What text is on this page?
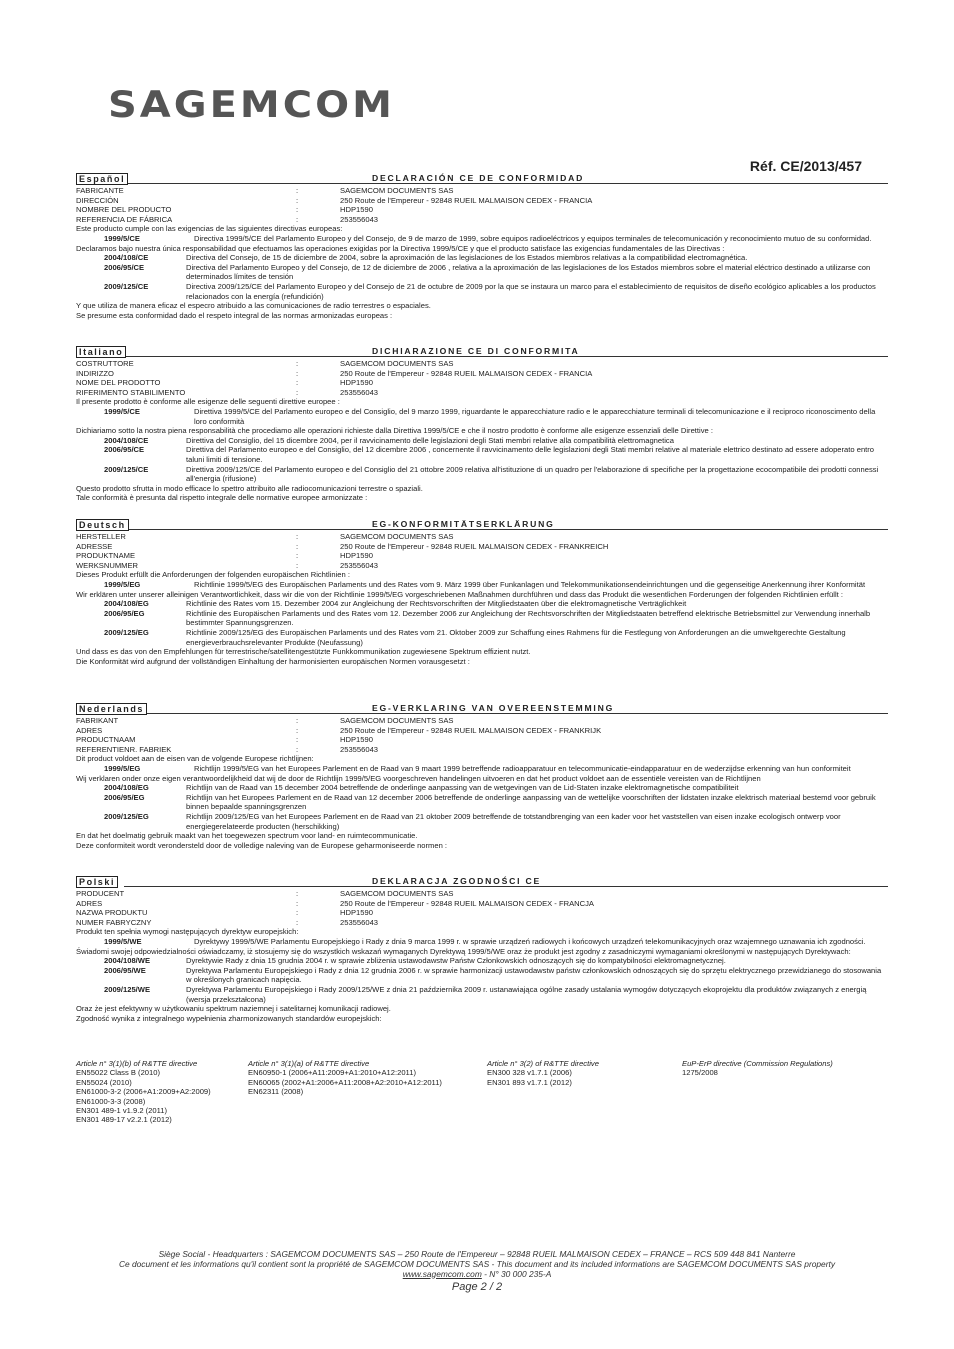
SAGEMCOM
Réf. CE/2013/457
Español	DECLARACIÓN CE DE CONFORMIDAD
FABRICANTE	:	SAGEMCOM DOCUMENTS SAS
DIRECCIÓN	:	250 Route de l'Empereur - 92848 RUEIL MALMAISON CEDEX - FRANCIA
NOMBRE DEL PRODUCTO	:	HDP1590
REFERENCIA DE FÁBRICA	:	253556043
Este producto cumple con las exigencias de las siguientes directivas europeas:
1999/5/CE	Directiva 1999/5/CE del Parlamento Europeo y del Consejo, de 9 de marzo de 1999, sobre equipos radioeléctricos y equipos terminales de telecomunicación y reconocimiento mutuo de su conformidad.
Declaramos bajo nuestra única responsabilidad que efectuamos las operaciones exigidas por la Directiva 1999/5/CE y que el producto satisface las exigencias fundamentales de las Directivas :
2004/108/CE	Directiva del Consejo, de 15 de diciembre de 2004, sobre la aproximación de las legislaciones de los Estados miembros relativas a la compatibilidad electromagnética.
2006/95/CE	Directiva del Parlamento Europeo y del Consejo, de 12 de diciembre de 2006 , relativa a la aproximación de las legislaciones de los Estados miembros sobre el material eléctrico destinado a utilizarse con determinados límites de tensión
2009/125/CE	Directiva 2009/125/CE del Parlamento Europeo y del Consejo de 21 de octubre de 2009 por la que se instaura un marco para el establecimiento de requisitos de diseño ecológico aplicables a los productos relacionados con la energía (refundición)
Y que utiliza de manera eficaz el especro atribuido a las comunicaciones de radio terrestres o espaciales.
Se presume esta conformidad dado el respeto integral de las normas armonizadas europeas :
Italiano	DICHIARAZIONE CE DI CONFORMITA
COSTRUTTORE	:	SAGEMCOM DOCUMENTS SAS
INDIRIZZO	:	250 Route de l'Empereur - 92848 RUEIL MALMAISON CEDEX - FRANCIA
NOME DEL PRODOTTO	:	HDP1590
RIFERIMENTO STABILIMENTO	:	253556043
Il presente prodotto è conforme alle esigenze delle seguenti direttive europee :
1999/5/CE	Direttiva 1999/5/CE del Parlamento europeo e del Consiglio, del 9 marzo 1999, riguardante le apparecchiature radio e le apparecchiature terminali di telecomunicazione e il reciproco riconoscimento della loro conformità
Dichiariamo sotto la nostra piena responsabilità che procediamo alle operazioni richieste dalla Direttiva 1999/5/CE e che il nostro prodotto è conforme alle esigenze essenziali delle Direttive :
2004/108/CE	Direttiva del Consiglio, del 15 dicembre 2004, per il ravvicinamento delle legislazioni degli Stati membri relative alla compatibilità elettromagnetica
2006/95/CE	Direttiva del Parlamento europeo e del Consiglio, del 12 dicembre 2006 , concernente il ravvicinamento delle legislazioni degli Stati membri relative al materiale elettrico destinato ad essere adoperato entro taluni limiti di tensione.
2009/125/CE	Direttiva 2009/125/CE del Parlamento europeo e del Consiglio del 21 ottobre 2009 relativa all'istituzione di un quadro per l'elaborazione di specifiche per la progettazione ecocompatibile dei prodotti connessi all'energia (rifusione)
Questo prodotto sfrutta in modo efficace lo spettro attribuito alle radiocomunicazioni terrestre o spaziali.
Tale conformità è presunta dal rispetto integrale delle normative europee armonizzate :
Deutsch	EG-KONFORMITÄTSERKLÄRUNG
HERSTELLER	:	SAGEMCOM DOCUMENTS SAS
ADRESSE	:	250 Route de l'Empereur - 92848 RUEIL MALMAISON CEDEX - FRANKREICH
PRODUKTNAME	:	HDP1590
WERKSNUMMER	:	253556043
Dieses Produkt erfüllt die Anforderungen der folgenden europäischen Richtlinien :
1999/5/EG	Richtlinie 1999/5/EG des Europäischen Parlaments und des Rates vom 9. März 1999 über Funkanlagen und Telekommunikationsendeinrichtungen und die gegenseitige Anerkennung ihrer Konformität
Wir erklären unter unserer alleinigen Verantwortlichkeit, dass wir die von der Richtlinie 1999/5/EG vorgeschriebenen Maßnahmen durchführen und dass das Produkt die wesentlichen Forderungen der folgenden Richtlinien erfüllt :
2004/108/EG	Richtlinie des Rates vom 15. Dezember 2004 zur Angleichung der Rechtsvorschriften der Mitgliedstaaten über die elektromagnetische Verträglichkeit
2006/95/EG	Richtlinie des Europäischen Parlaments und des Rates vom 12. Dezember 2006 zur Angleichung der Rechtsvorschriften der Mitgliedstaaten betreffend elektrische Betriebsmittel zur Verwendung innerhalb bestimmter Spannungsgrenzen.
2009/125/EG	Richtlinie 2009/125/EG des Europäischen Parlaments und des Rates vom 21. Oktober 2009 zur Schaffung eines Rahmens für die Festlegung von Anforderungen an die umweltgerechte Gestaltung energieverbrauchsrelevanter Produkte (Neufassung)
Und dass es das von den Empfehlungen für terrestrische/satellitengestützte Funkkommunikation zugewiesene Spektrum effizient nutzt.
Die Konformität wird aufgrund der vollständigen Einhaltung der harmonisierten europäischen Normen vorausgesetzt :
Nederlands	EG-VERKLARING VAN OVEREENSTEMMING
FABRIKANT	:	SAGEMCOM DOCUMENTS SAS
ADRES	:	250 Route de l'Empereur - 92848 RUEIL MALMAISON CEDEX - FRANKRIJK
PRODUCTNAAM	:	HDP1590
REFERENTIENR. FABRIEK	:	253556043
Dit product voldoet aan de eisen van de volgende Europese richtlijnen:
1999/5/EG	Richtlijn 1999/5/EG van het Europees Parlement en de Raad van 9 maart 1999 betreffende radioapparatuur en telecommunicatie-eindapparatuur en de wederzijdse erkenning van hun conformiteit
Wij verklaren onder onze eigen verantwoordelijkheid dat wij de door de Richtlijn 1999/5/EG voorgeschreven handelingen uitvoeren en dat het product voldoet aan de essentiële vereisten van de Richtlijnen
2004/108/EG	Richtlijn van de Raad van 15 december 2004 betreffende de onderlinge aanpassing van de wetgevingen van de Lid-Staten inzake elektromagnetische compatibiliteit
2006/95/EG	Richtlijn van het Europees Parlement en de Raad van 12 december 2006 betreffende de onderlinge aanpassing van de wettelijke voorschriften der lidstaten inzake elektrisch materiaal bestemd voor gebruik binnen bepaalde spanningsgrenzen
2009/125/EG	Richtlijn 2009/125/EG van het Europees Parlement en de Raad van 21 oktober 2009 betreffende de totstandbrenging van een kader voor het vaststellen van eisen inzake ecologisch ontwerp voor energiegerelateerde producten (herschikking)
En dat het doelmatig gebruik maakt van het toegewezen spectrum voor land- en ruimtecommunicatie.
Deze conformiteit wordt verondersteld door de volledige naleving van de Europese geharmoniseerde normen :
Polski	DEKLARACJA ZGODNOŚCI CE
PRODUCENT	:	SAGEMCOM DOCUMENTS SAS
ADRES	:	250 Route de l'Empereur - 92848 RUEIL MALMAISON CEDEX - FRANCJA
NAZWA PRODUKTU	:	HDP1590
NUMER FABRYCZNY	:	253556043
Produkt ten spełnia wymogi następujących dyrektyw europejskich:
1999/5/WE	Dyrektywy 1999/5/WE Parlamentu Europejskiego i Rady z dnia 9 marca 1999 r. w sprawie urządzeń radiowych i końcowych urządzeń telekomunikacyjnych oraz wzajemnego uznawania ich zgodności.
Świadomi swojej odpowiedzialności oświadczamy, iż stosujemy się do wszystkich wskazań wymaganych Dyrektywą 1999/5/WE oraz że produkt jest zgodny z zasadniczymi wymaganiami określonymi w następujących Dyrektywach:
2004/108/WE	Dyrektywie Rady z dnia 15 grudnia 2004 r. w sprawie zbliżenia ustawodawstw Państw Członkowskich odnoszących się do kompatybilności elektromagnetycznej.
2006/95/WE	Dyrektywa Parlamentu Europejskiego i Rady z dnia 12 grudnia 2006 r. w sprawie harmonizacji ustawodawstw państw członkowskich odnoszących się do sprzętu elektrycznego przewidzianego do stosowania w określonych granicach napięcia.
2009/125/WE	Dyrektywa Parlamentu Europejskiego i Rady 2009/125/WE z dnia 21 października 2009 r. ustanawiająca ogólne zasady ustalania wymogów dotyczących ekoprojektu dla produktów związanych z energią (wersja przekształcona)
Oraz że jest efektywny w użytkowaniu spektrum naziemnej i satelitarnej komunikacji radiowej.
Zgodność wynika z integralnego wypełnienia zharmonizowanych standardów europejskich:
Article n° 3(1)(b) of R&TTE directive
EN55022 Class B (2010)
EN55024 (2010)
EN61000-3-2 (2006+A1:2009+A2:2009)
EN61000-3-3 (2008)
EN301 489-1 v1.9.2 (2011)
EN301 489-17 v2.2.1 (2012)
Article n° 3(1)(a) of R&TTE directive
EN60950-1 (2006+A11:2009+A1:2010+A12:2011)
EN60065 (2002+A1:2006+A11:2008+A2:2010+A12:2011)
EN62311 (2008)
Article n° 3(2) of R&TTE directive
EN300 328 v1.7.1 (2006)
EN301 893 v1.7.1 (2012)
EuP-ErP directive (Commission Regulations)
1275/2008
Siège Social - Headquarters : SAGEMCOM DOCUMENTS SAS – 250 Route de l'Empereur – 92848 RUEIL MALMAISON CEDEX – FRANCE – RCS 509 448 841 Nanterre
Ce document et les informations qu'il contient sont la propriété de SAGEMCOM DOCUMENTS SAS - This document and its included informations are SAGEMCOM DOCUMENTS SAS property
www.sagemcom.com - N° 30 000 235-A
Page 2 / 2
